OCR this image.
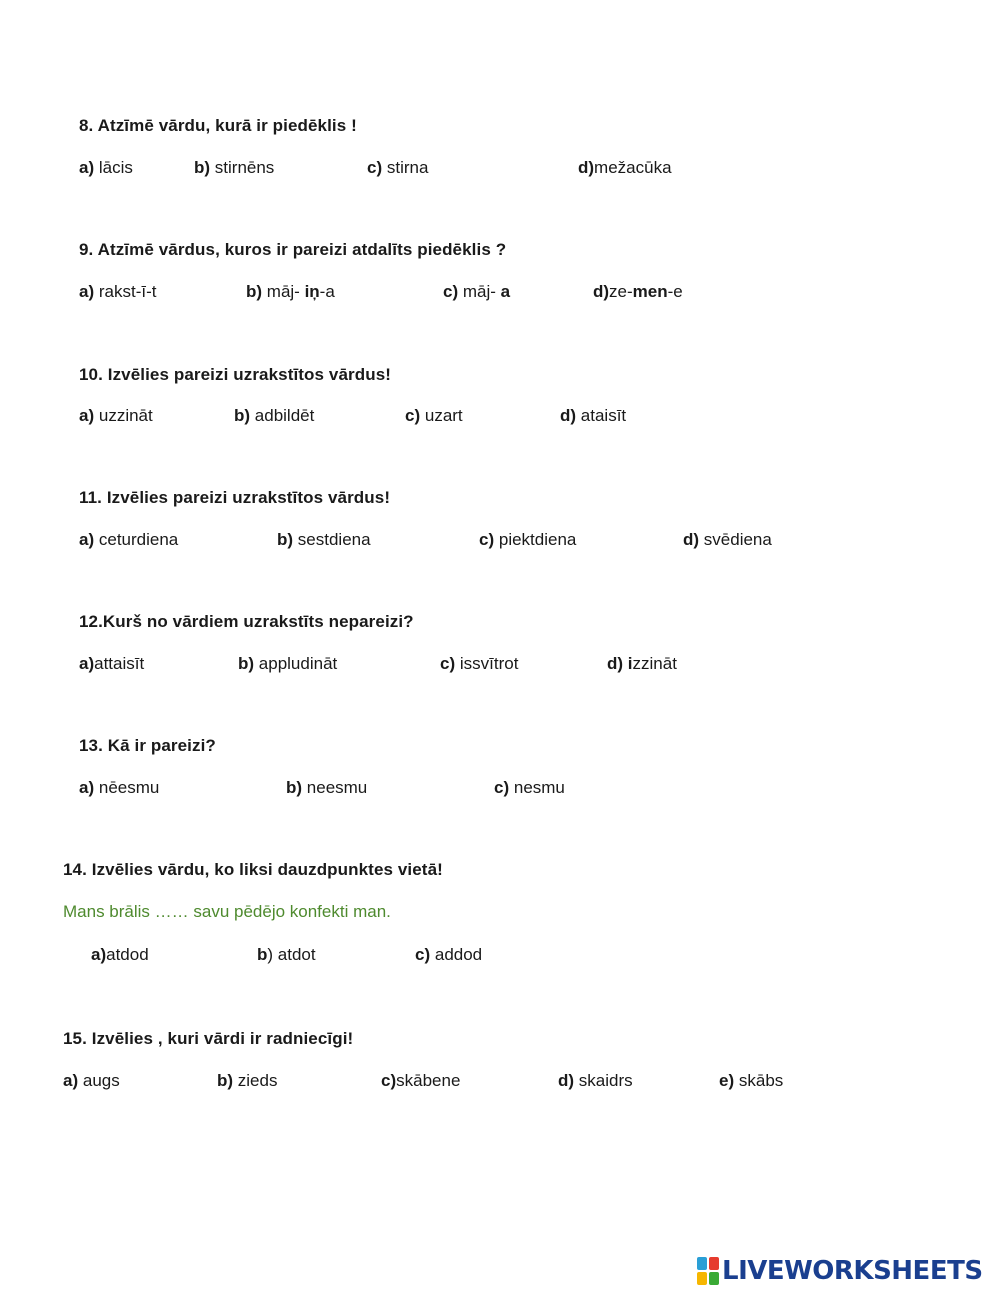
8. Atzīmē vārdu, kurā ir piedēklis !
a) lācis	b) stirnēns	c) stirna	d)mežacūka
9. Atzīmē vārdus, kuros ir pareizi atdalīts piedēklis ?
a) rakst-ī-t	b) māj- iņ-a	c) māj- a	d)ze-men-e
10. Izvēlies pareizi uzrakstītos vārdus!
a) uzzināt	b) adbildēt	c) uzart	d) ataisīt
11. Izvēlies pareizi uzrakstītos vārdus!
a) ceturdiena	b) sestdiena	c) piektdiena	d) svēdiena
12.Kurš no vārdiem uzrakstīts nepareizi?
a)attaisīt	b) appludināt	c) issvītrot	d) izzināt
13. Kā ir pareizi?
a) nēesmu	b) neesmu	c) nesmu
14. Izvēlies vārdu, ko liksi dauzdpunktes vietā!
Mans brālis …… savu pēdējo konfekti man.
a)atdod	b) atdot	c) addod
15. Izvēlies , kuri vārdi ir radniecīgi!
a) augs	b) zieds	c)skābene	d) skaidrs	e) skābs
LIVEWORKSHEETS
